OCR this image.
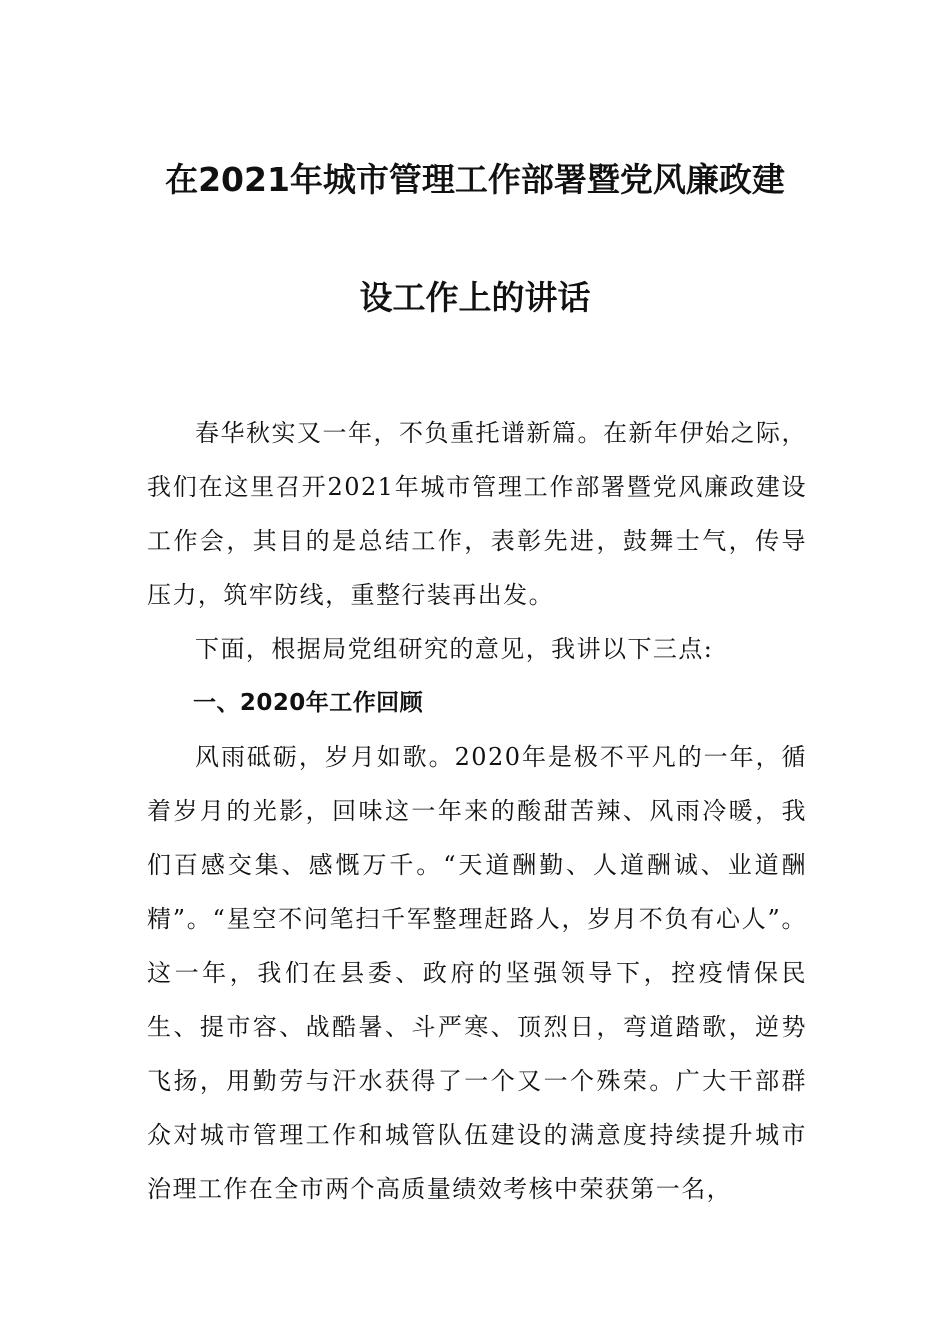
在2021年城市管理工作部署暨党风廉政建
设工作上的讲话

春华秋实又一年，不负重托谱新篇。在新年伊始之际，我们在这里召开2021年城市管理工作部署暨党风廉政建设工作会，其目的是总结工作，表彰先进，鼓舞士气，传导压力，筑牢防线，重整行装再出发。

下面，根据局党组研究的意见，我讲以下三点:

一、2020年工作回顾

风雨砥砺，岁月如歌。2020年是极不平凡的一年，循着岁月的光影，回味这一年来的酸甜苦辣、风雨冷暖，我们百感交集、感慨万千。“天道酬勤、人道酬诚、业道酬精”。“星空不问笔扫千军整理赶路人，岁月不负有心人”。这一年，我们在县委、政府的坚强领导下，控疫情保民生、提市容、战酷暑、斗严寒、顶烈日，弯道踏歌，逆势飞扬，用勤劳与汗水获得了一个又一个殊荣。广大干部群众对城市管理工作和城管队伍建设的满意度持续提升城市治理工作在全市两个高质量绩效考核中荣获第一名，
